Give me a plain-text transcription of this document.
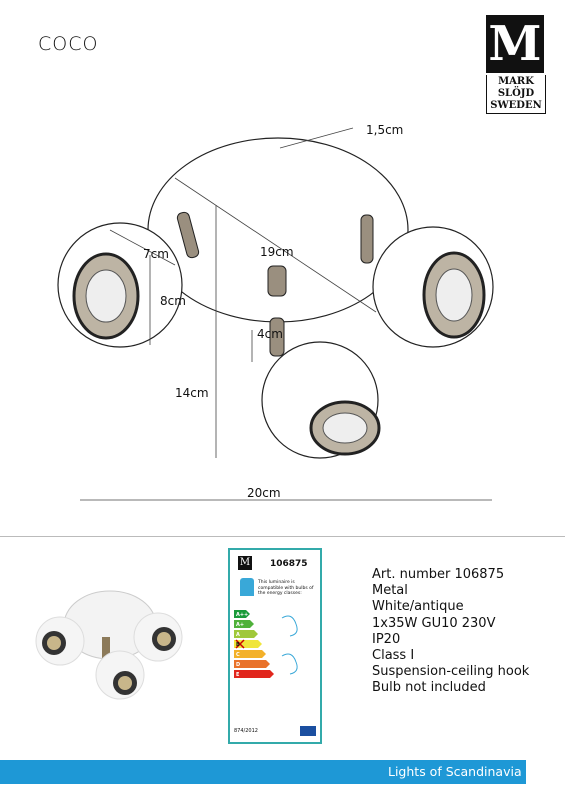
COCO	M
MARK
SLÖJD
SWEDEN
1,5cm
19cm
7cm
8cm
4cm
14cm
20cm
M 106875
This luminaire is compatible with bulbs of the energy classes:
A++
A+
A
B
C
D
E
874/2012
Art. number 106875
Metal
White/antique
1x35W GU10 230V
IP20
Class I
Suspension-ceiling hook
Bulb not included
Lights of Scandinavia
